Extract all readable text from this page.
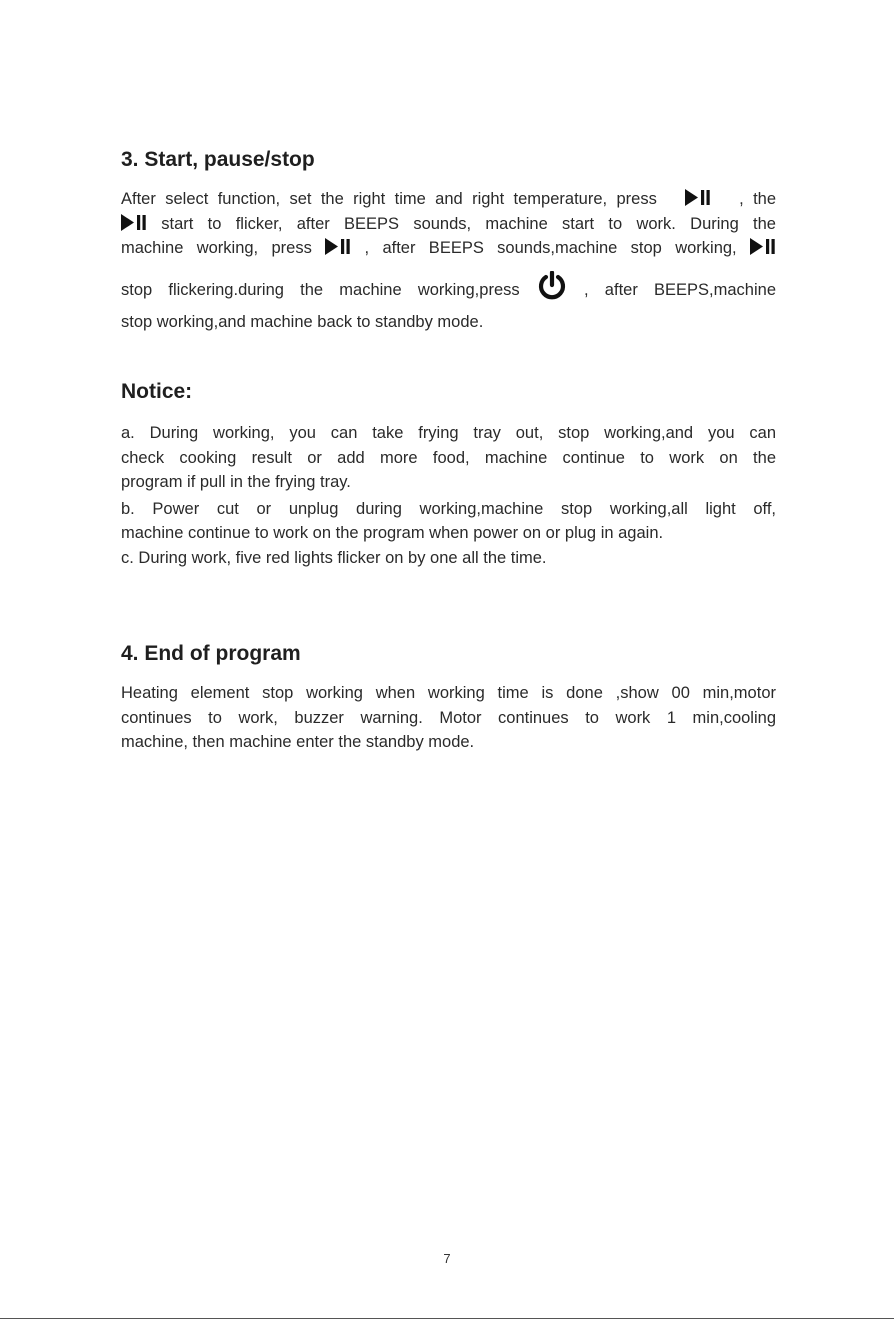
3. Start, pause/stop
After select function, set the right time and right temperature, press	, the
start to flicker, after BEEPS sounds, machine start to work. During the
machine working, press	, after BEEPS sounds,machine stop working,
stop flickering.during the machine working,press	, after BEEPS,machine
stop working,and machine back to standby mode.
Notice:
a. During working, you can take frying tray out, stop working,and you can
check cooking result or add more food, machine continue to work on the
program if pull in the frying tray.
b. Power cut or unplug during working,machine stop working,all light off,
machine continue to work on the program when power on or plug in again.
c. During work, five red lights flicker on by one all the time.
4. End of program
Heating element stop working when working time is done ,show 00 min,motor
continues to work, buzzer warning. Motor continues to work 1 min,cooling
machine, then machine enter the standby mode.
7
